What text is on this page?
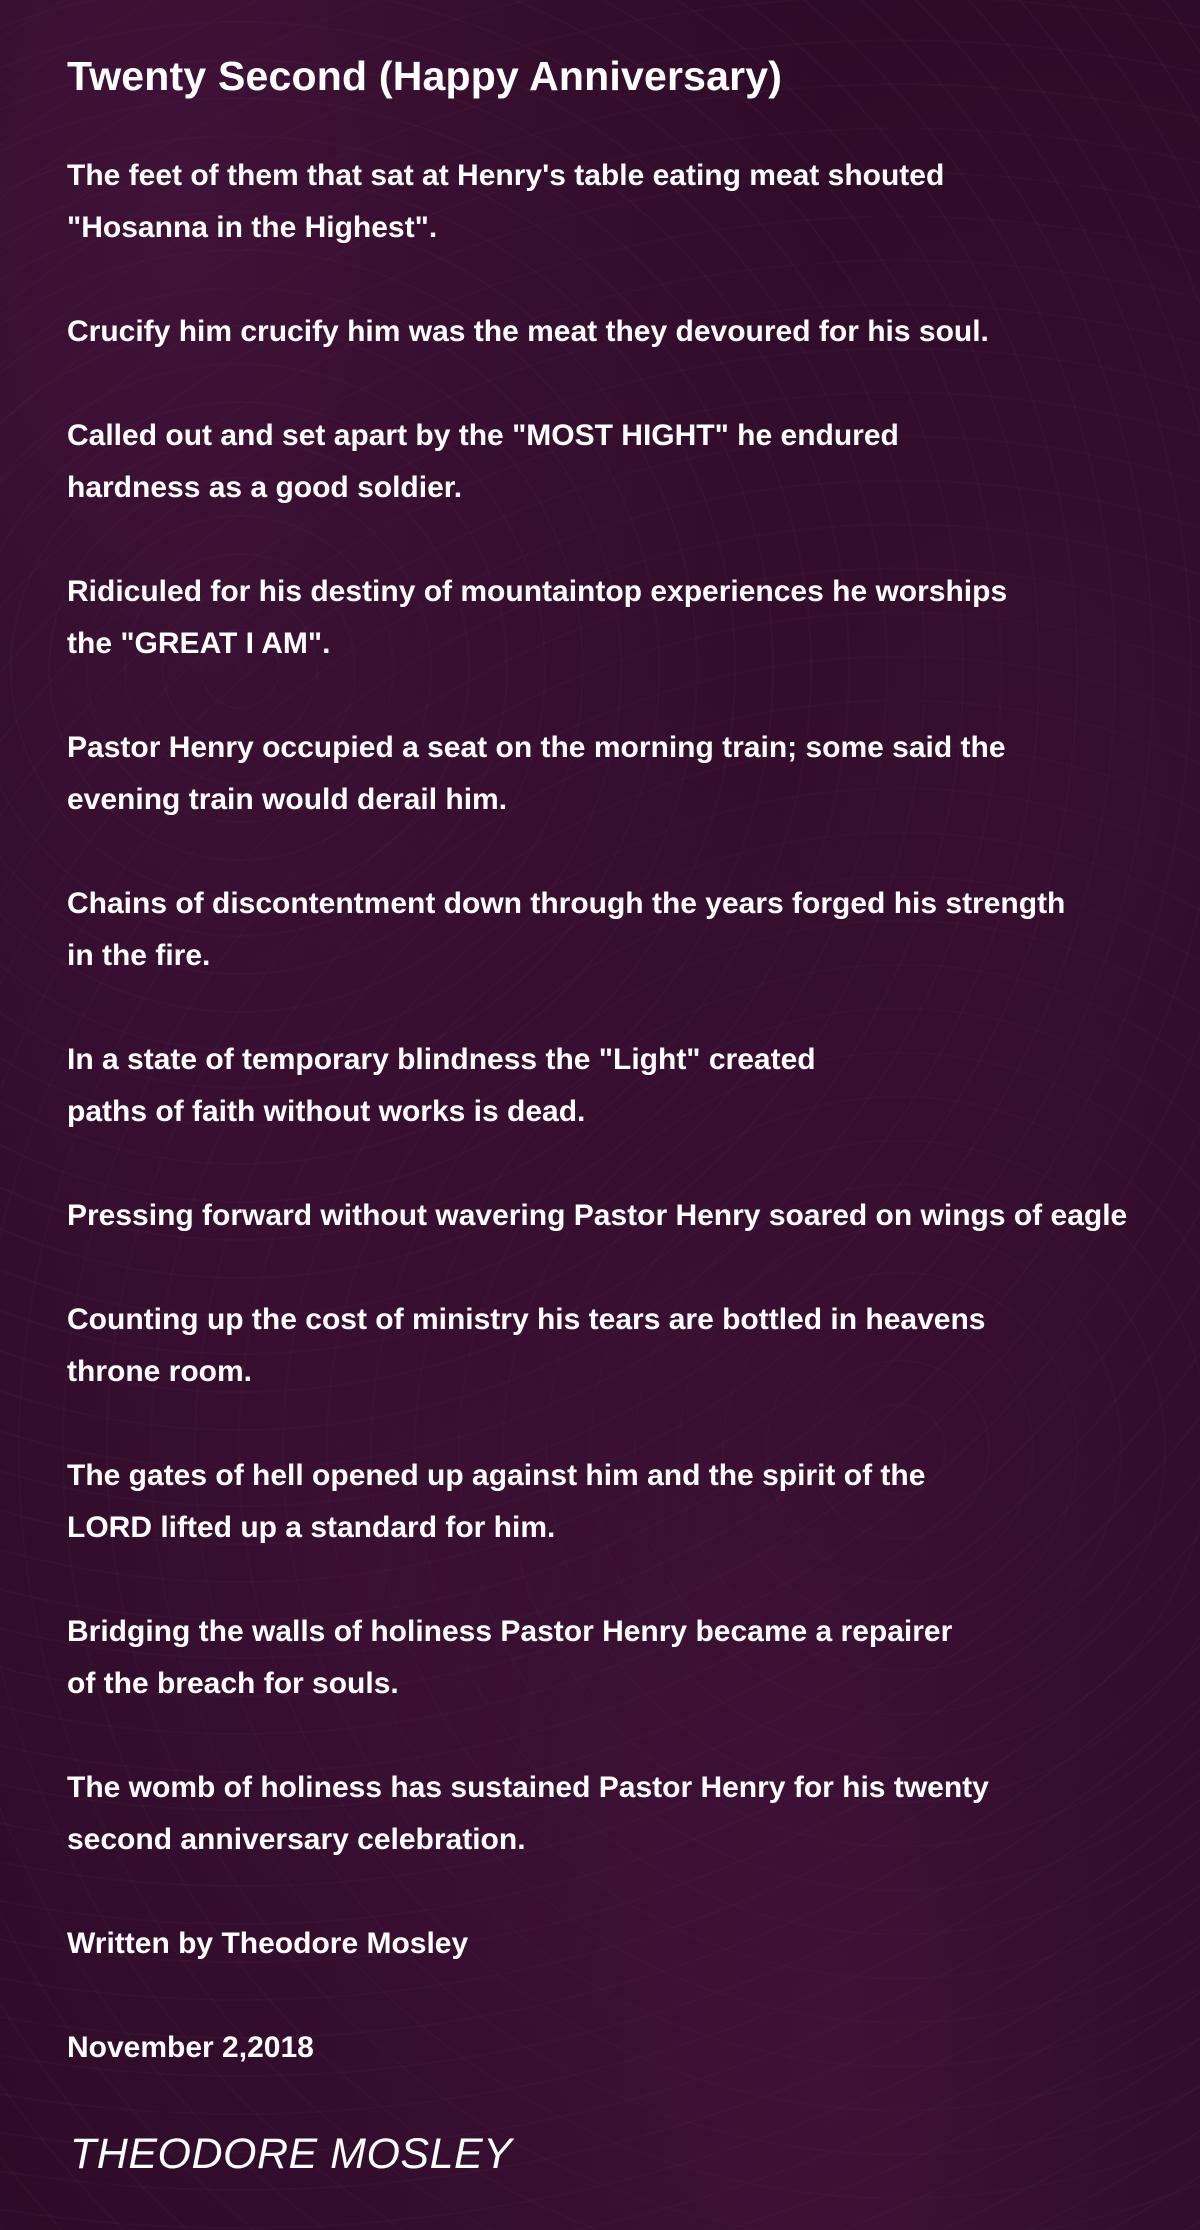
Twenty Second (Happy Anniversary)

The feet of them that sat at Henry's table eating meat shouted
"Hosanna in the Highest".

Crucify him crucify him was the meat they devoured for his soul.

Called out and set apart by the "MOST HIGHT" he endured
hardness as a good soldier.

Ridiculed for his destiny of mountaintop experiences he worships
the "GREAT I AM".

Pastor Henry occupied a seat on the morning train; some said the
evening train would derail him.

Chains of discontentment down through the years forged his strength
in the fire.

In a state of temporary blindness the "Light" created
paths of faith without works is dead.

Pressing forward without wavering Pastor Henry soared on wings of eagle

Counting up the cost of ministry his tears are bottled in heavens
throne room.

The gates of hell opened up against him and the spirit of the
LORD lifted up a standard for him.

Bridging the walls of holiness Pastor Henry became a repairer
of the breach for souls.

The womb of holiness has sustained Pastor Henry for his twenty
second anniversary celebration.

Written by Theodore Mosley

November 2,2018

THEODORE MOSLEY
